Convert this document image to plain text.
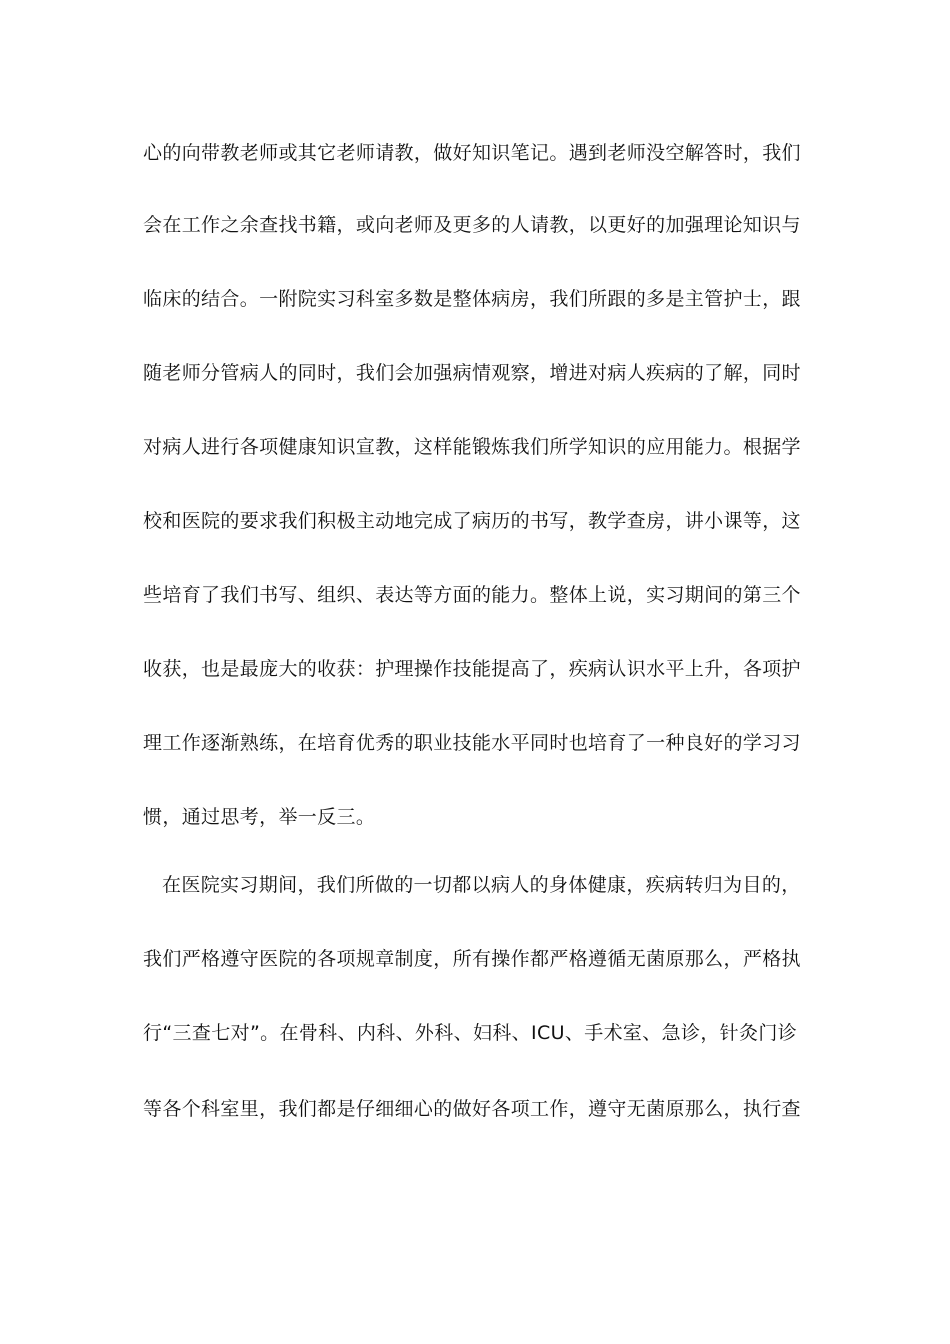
心的向带教老师或其它老师请教，做好知识笔记。遇到老师没空解答时，我们
会在工作之余查找书籍，或向老师及更多的人请教，以更好的加强理论知识与
临床的结合。一附院实习科室多数是整体病房，我们所跟的多是主管护士，跟
随老师分管病人的同时，我们会加强病情观察，增进对病人疾病的了解，同时
对病人进行各项健康知识宣教，这样能锻炼我们所学知识的应用能力。根据学
校和医院的要求我们积极主动地完成了病历的书写，教学查房，讲小课等，这
些培育了我们书写、组织、表达等方面的能力。整体上说，实习期间的第三个
收获，也是最庞大的收获：护理操作技能提高了，疾病认识水平上升，各项护
理工作逐渐熟练，在培育优秀的职业技能水平同时也培育了一种良好的学习习
惯，通过思考，举一反三。
在医院实习期间，我们所做的一切都以病人的身体健康，疾病转归为目的，
我们严格遵守医院的各项规章制度，所有操作都严格遵循无菌原那么，严格执
行“三查七对”。在骨科、内科、外科、妇科、ICU、手术室、急诊，针灸门诊
等各个科室里，我们都是仔细细心的做好各项工作，遵守无菌原那么，执行查
